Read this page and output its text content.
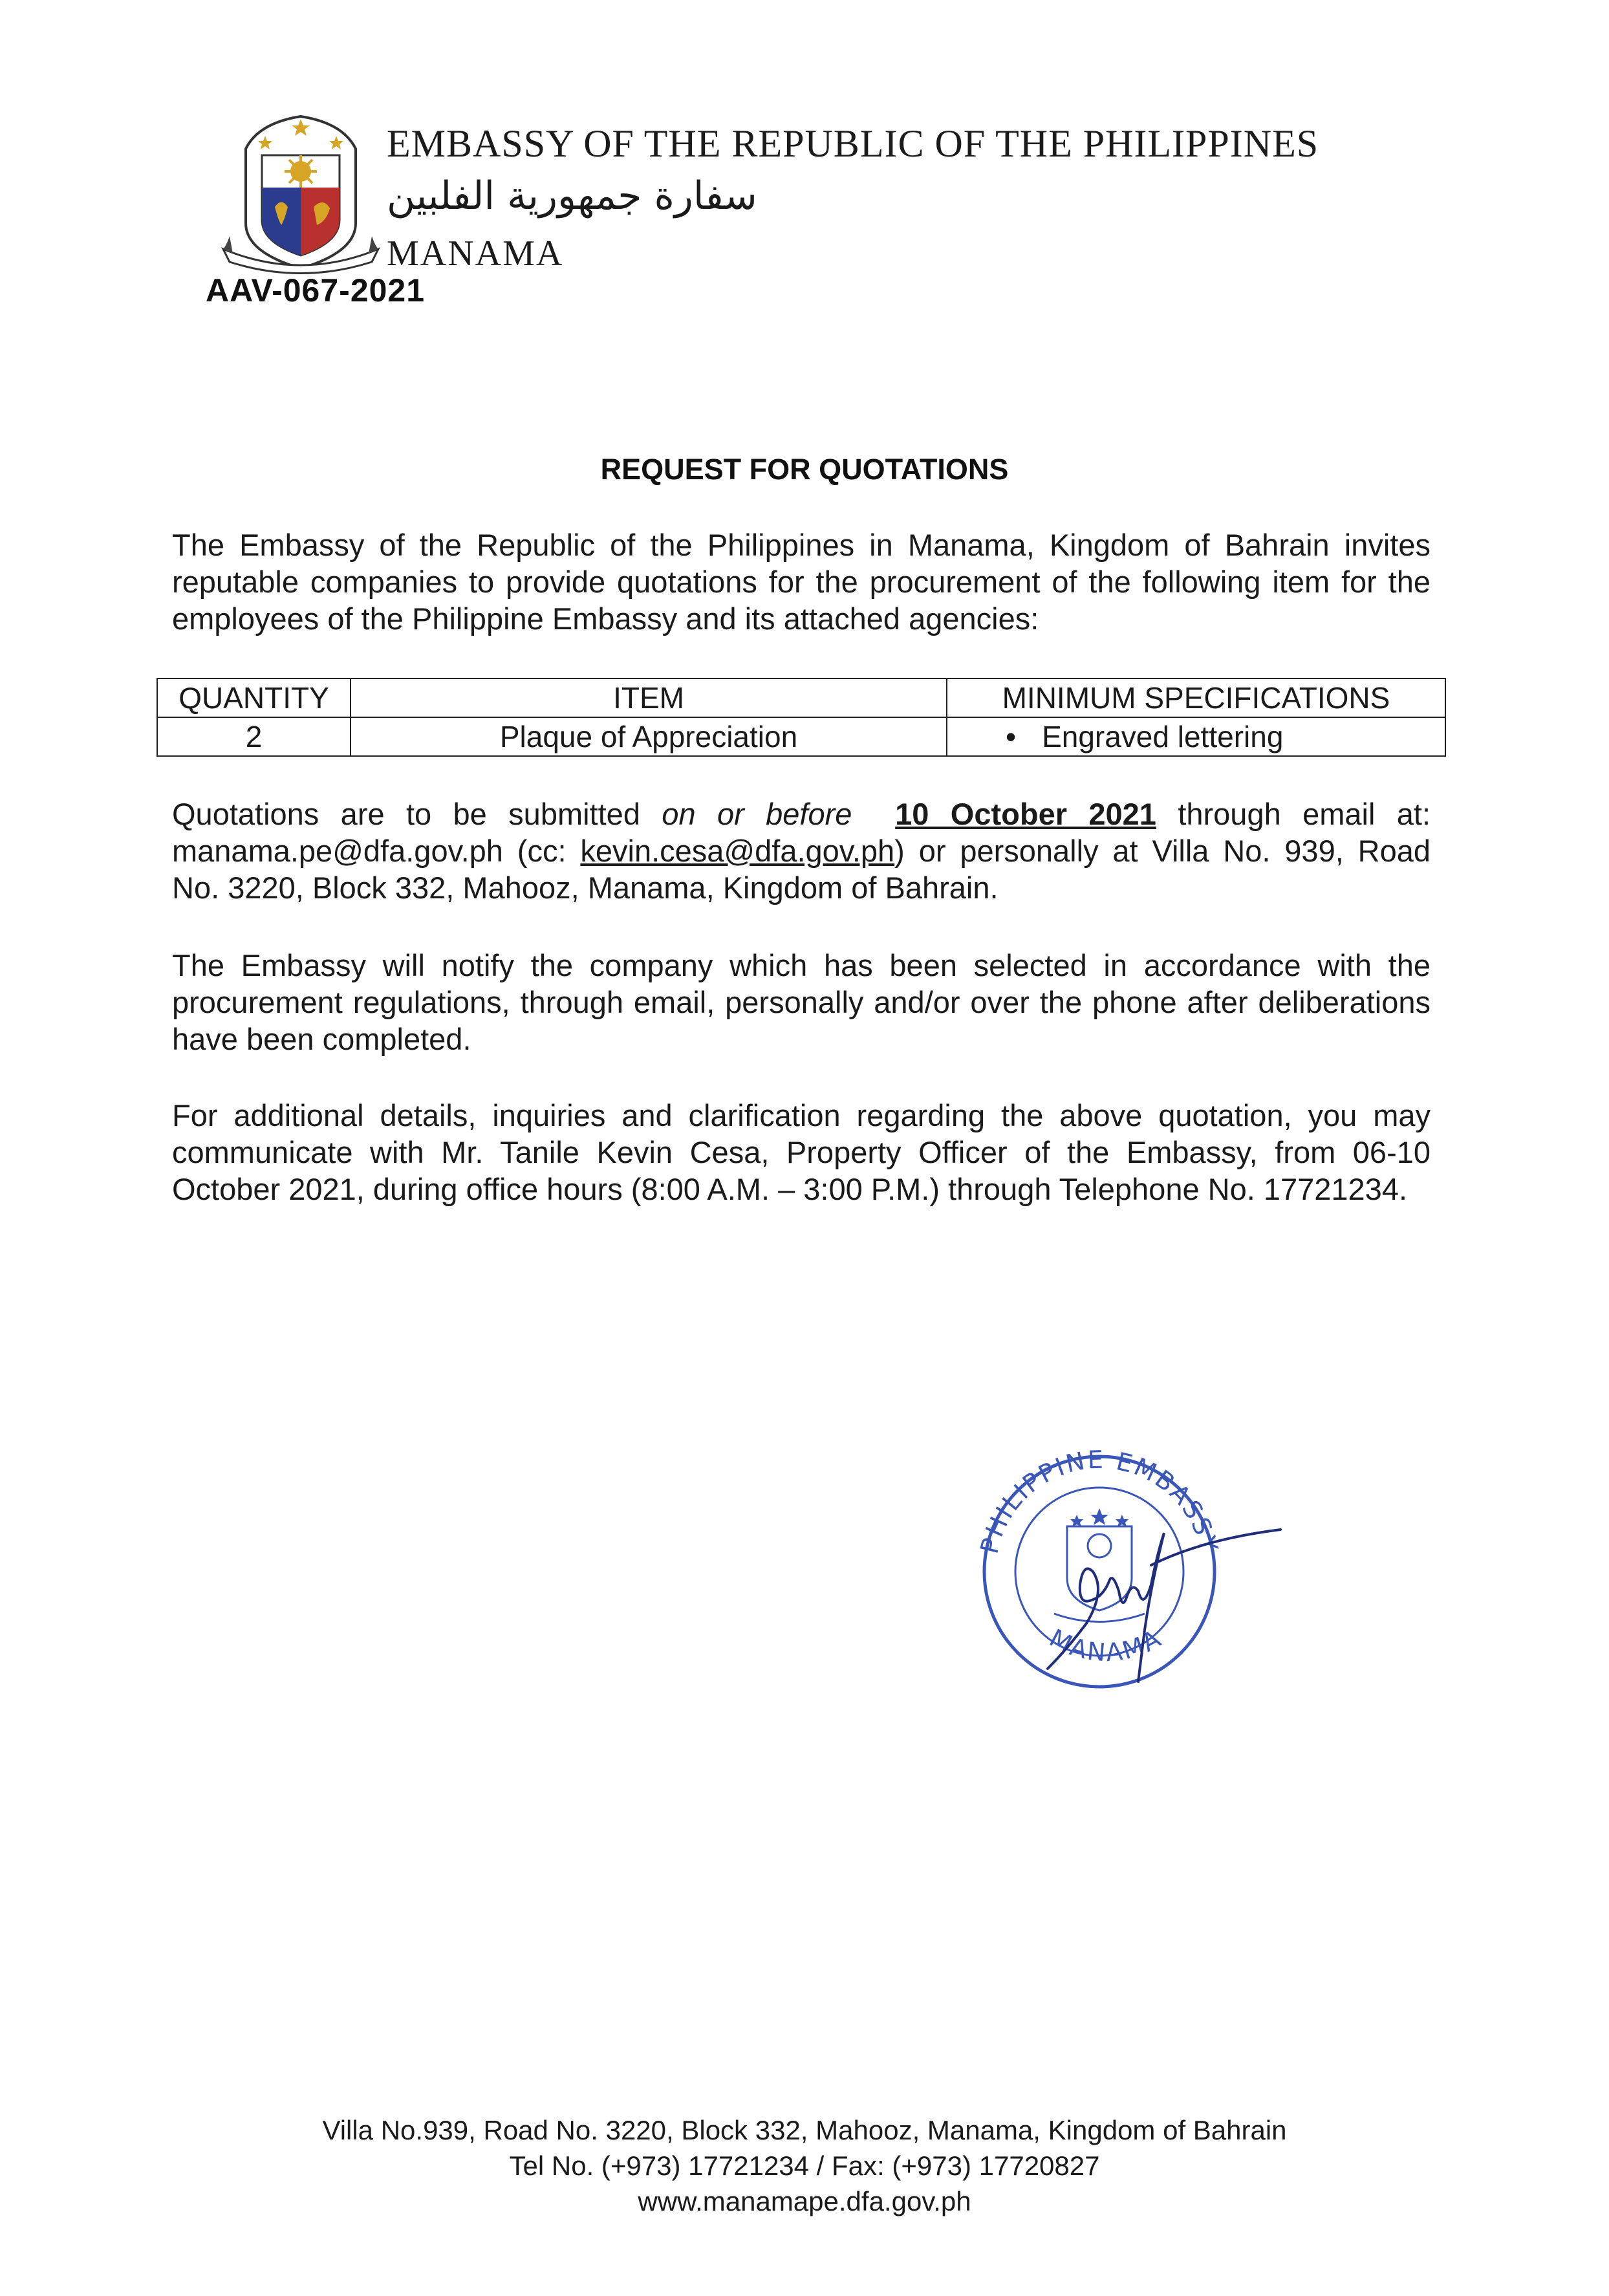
EMBASSY OF THE REPUBLIC OF THE PHILIPPINES
سفارة جمهورية الفلبين
MANAMA
AAV-067-2021
REQUEST FOR QUOTATIONS
The Embassy of the Republic of the Philippines in Manama, Kingdom of Bahrain invites reputable companies to provide quotations for the procurement of the following item for the employees of the Philippine Embassy and its attached agencies:
QUANTITY	ITEM	MINIMUM SPECIFICATIONS
2	Plaque of Appreciation	• Engraved lettering
Quotations are to be submitted on or before 10 October 2021 through email at: manama.pe@dfa.gov.ph (cc: kevin.cesa@dfa.gov.ph) or personally at Villa No. 939, Road No. 3220, Block 332, Mahooz, Manama, Kingdom of Bahrain.
The Embassy will notify the company which has been selected in accordance with the procurement regulations, through email, personally and/or over the phone after deliberations have been completed.
For additional details, inquiries and clarification regarding the above quotation, you may communicate with Mr. Tanile Kevin Cesa, Property Officer of the Embassy, from 06-10 October 2021, during office hours (8:00 A.M. – 3:00 P.M.) through Telephone No. 17721234.
PHILIPPINE EMBASSY
MANAMA
Villa No.939, Road No. 3220, Block 332, Mahooz, Manama, Kingdom of Bahrain
Tel No. (+973) 17721234 / Fax: (+973) 17720827
www.manamape.dfa.gov.ph
